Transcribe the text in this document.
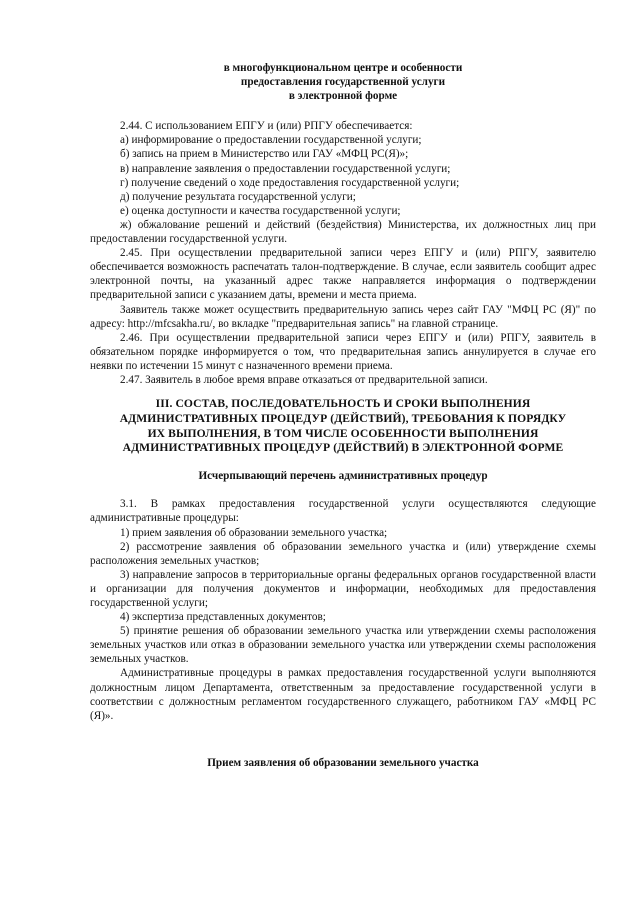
в многофункциональном центре и особенности
предоставления государственной услуги
в электронной форме

2.44. С использованием ЕПГУ и (или) РПГУ обеспечивается:

а) информирование о предоставлении государственной услуги;

б) запись на прием в Министерство или ГАУ «МФЦ РС(Я)»;

в) направление заявления о предоставлении государственной услуги;

г) получение сведений о ходе предоставления государственной услуги;

д) получение результата государственной услуги;

е) оценка доступности и качества государственной услуги;

ж) обжалование решений и действий (бездействия) Министерства, их должностных лиц при предоставлении государственной услуги.

2.45. При осуществлении предварительной записи через ЕПГУ и (или) РПГУ, заявителю обеспечивается возможность распечатать талон-подтверждение. В случае, если заявитель сообщит адрес электронной почты, на указанный адрес также направляется информация о подтверждении предварительной записи с указанием даты, времени и места приема.

Заявитель также может осуществить предварительную запись через сайт ГАУ "МФЦ РС (Я)" по адресу: http://mfcsakha.ru/, во вкладке "предварительная запись" на главной странице.

2.46. При осуществлении предварительной записи через ЕПГУ и (или) РПГУ, заявитель в обязательном порядке информируется о том, что предварительная запись аннулируется в случае его неявки по истечении 15 минут с назначенного времени приема.

2.47. Заявитель в любое время вправе отказаться от предварительной записи.

III. СОСТАВ, ПОСЛЕДОВАТЕЛЬНОСТЬ И СРОКИ ВЫПОЛНЕНИЯ
АДМИНИСТРАТИВНЫХ ПРОЦЕДУР (ДЕЙСТВИЙ), ТРЕБОВАНИЯ К ПОРЯДКУ
ИХ ВЫПОЛНЕНИЯ, В ТОМ ЧИСЛЕ ОСОБЕННОСТИ ВЫПОЛНЕНИЯ
АДМИНИСТРАТИВНЫХ ПРОЦЕДУР (ДЕЙСТВИЙ) В ЭЛЕКТРОННОЙ ФОРМЕ
Исчерпывающий перечень административных процедур

3.1. В рамках предоставления государственной услуги осуществляются следующие административные процедуры:

1) прием заявления об образовании земельного участка;

2) рассмотрение заявления об образовании земельного участка и (или) утверждение схемы расположения земельных участков;

3) направление запросов в территориальные органы федеральных органов государственной власти и организации для получения документов и информации, необходимых для предоставления государственной услуги;

4) экспертиза представленных документов;

5) принятие решения об образовании земельного участка или утверждении схемы расположения земельных участков или отказ в образовании земельного участка или утверждении схемы расположения земельных участков.

Административные процедуры в рамках предоставления государственной услуги выполняются должностным лицом Департамента, ответственным за предоставление государственной услуги в соответствии с должностным регламентом государственного служащего, работником ГАУ «МФЦ РС (Я)».

Прием заявления об образовании земельного участка
